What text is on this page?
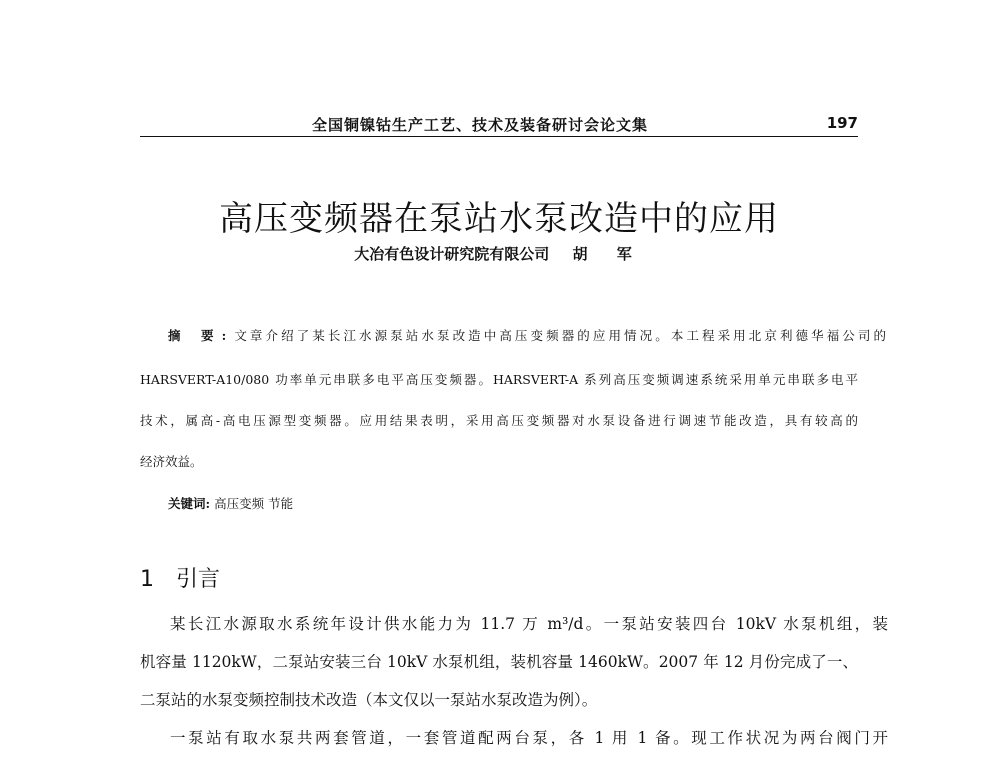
全国铜镍钴生产工艺、技术及装备研讨会论文集	197
高压变频器在泵站水泵改造中的应用
大冶有色设计研究院有限公司 胡 军
摘 要:文章介绍了某长江水源泵站水泵改造中高压变频器的应用情况。本工程采用北京利德华福公司的
HARSVERT-A10/080 功率单元串联多电平高压变频器。HARSVERT-A 系列高压变频调速系统采用单元串联多电平
技术，属高-高电压源型变频器。应用结果表明，采用高压变频器对水泵设备进行调速节能改造，具有较高的
经济效益。
关键词: 高压变频 节能
1 引言
某长江水源取水系统年设计供水能力为 11.7 万 m³/d。一泵站安装四台 10kV 水泵机组，装
机容量 1120kW，二泵站安装三台 10kV 水泵机组，装机容量 1460kW。2007 年 12 月份完成了一、
二泵站的水泵变频控制技术改造（本文仅以一泵站水泵改造为例）。
一泵站有取水泵共两套管道，一套管道配两台泵，各 1 用 1 备。现工作状况为两台阀门开
